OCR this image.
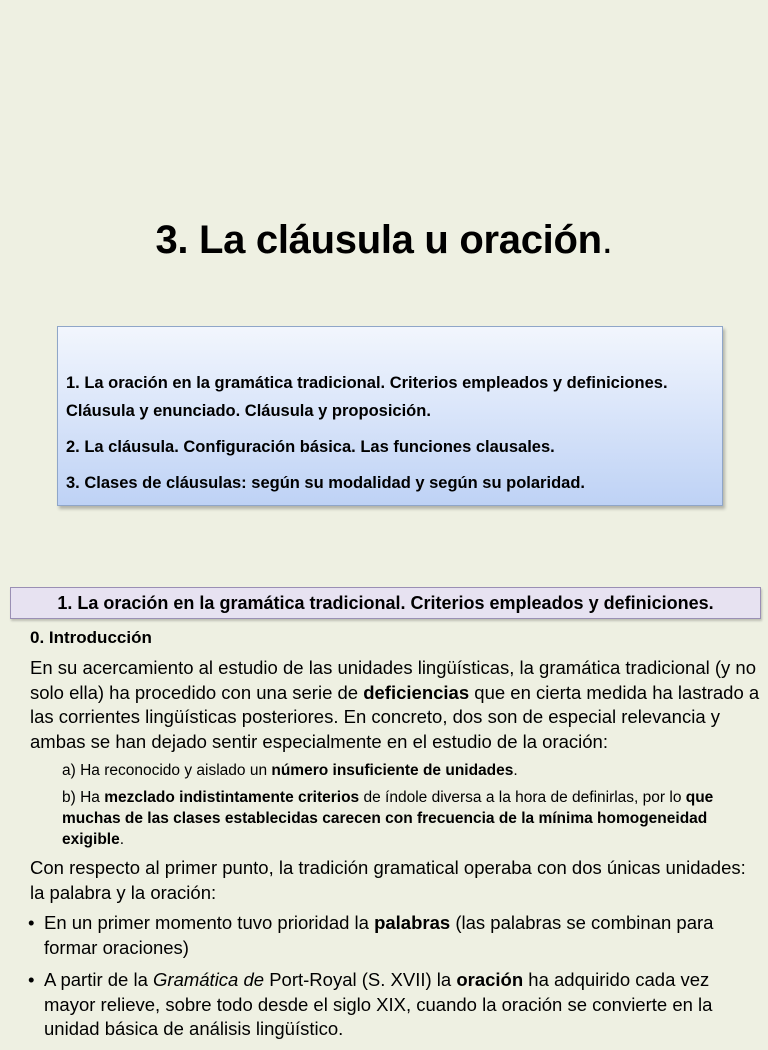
3. La cláusula u oración.
1. La oración en la gramática tradicional. Criterios empleados y definiciones. Cláusula y enunciado. Cláusula y proposición.
2. La cláusula. Configuración básica. Las funciones clausales.
3. Clases de cláusulas: según su modalidad y según su polaridad.
1. La oración en la gramática tradicional. Criterios empleados y definiciones.
0. Introducción
En su acercamiento al estudio de las unidades lingüísticas, la gramática tradicional (y no solo ella) ha procedido con una serie de deficiencias que en cierta medida ha lastrado a las corrientes lingüísticas posteriores. En concreto, dos son de especial relevancia y ambas se han dejado sentir especialmente en el estudio de la oración:
a) Ha reconocido y aislado un número insuficiente de unidades.
b) Ha mezclado indistintamente criterios de índole diversa a la hora de definirlas, por lo que muchas de las clases establecidas carecen con frecuencia de la mínima homogeneidad exigible.
Con respecto al primer punto, la tradición gramatical operaba con dos únicas unidades: la palabra y la oración:
• En un primer momento tuvo prioridad la palabras (las palabras se combinan para formar oraciones)
• A partir de la Gramática de Port-Royal (S. XVII) la oración ha adquirido cada vez mayor relieve, sobre todo desde el siglo XIX, cuando la oración se convierte en la unidad básica de análisis lingüístico.
